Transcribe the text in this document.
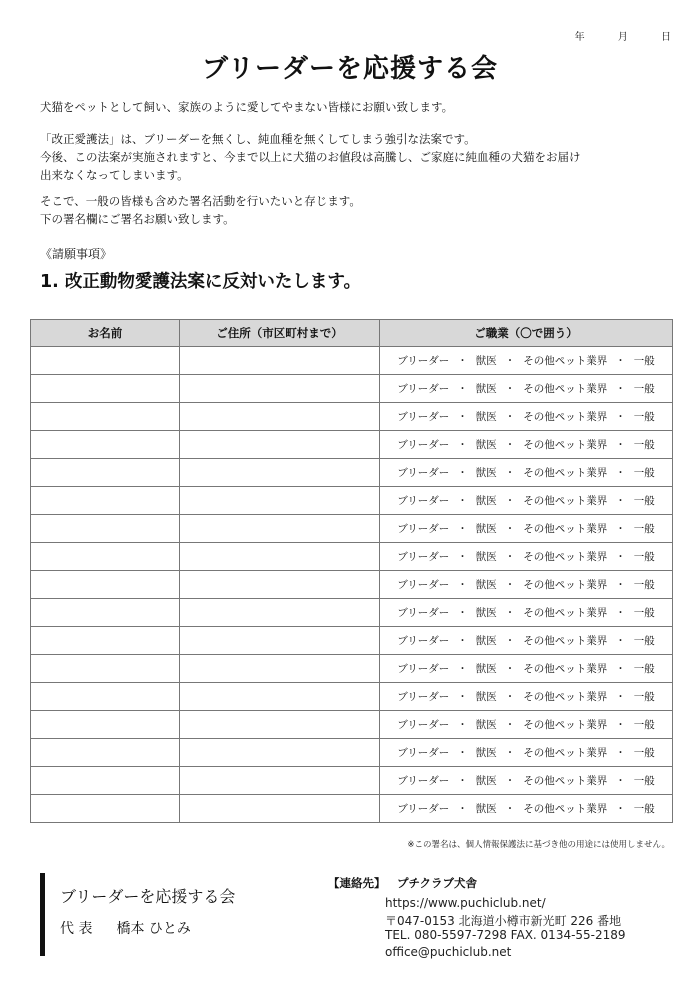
年	月	日
ブリーダーを応援する会
犬猫をペットとして飼い、家族のように愛してやまない皆様にお願い致します。
「改正愛護法」は、ブリーダーを無くし、純血種を無くしてしまう強引な法案です。
今後、この法案が実施されますと、今まで以上に犬猫のお値段は高騰し、ご家庭に純血種の犬猫をお届け
出来なくなってしまいます。
そこで、一般の皆様も含めた署名活動を行いたいと存じます。
下の署名欄にご署名お願い致します。
《請願事項》
1. 改正動物愛護法案に反対いたします。
お名前	ご住所（市区町村まで）	ご職業（〇で囲う）
		ブリーダー ・ 獣医 ・ その他ペット業界 ・ 一般
		ブリーダー ・ 獣医 ・ その他ペット業界 ・ 一般
		ブリーダー ・ 獣医 ・ その他ペット業界 ・ 一般
		ブリーダー ・ 獣医 ・ その他ペット業界 ・ 一般
		ブリーダー ・ 獣医 ・ その他ペット業界 ・ 一般
		ブリーダー ・ 獣医 ・ その他ペット業界 ・ 一般
		ブリーダー ・ 獣医 ・ その他ペット業界 ・ 一般
		ブリーダー ・ 獣医 ・ その他ペット業界 ・ 一般
		ブリーダー ・ 獣医 ・ その他ペット業界 ・ 一般
		ブリーダー ・ 獣医 ・ その他ペット業界 ・ 一般
		ブリーダー ・ 獣医 ・ その他ペット業界 ・ 一般
		ブリーダー ・ 獣医 ・ その他ペット業界 ・ 一般
		ブリーダー ・ 獣医 ・ その他ペット業界 ・ 一般
		ブリーダー ・ 獣医 ・ その他ペット業界 ・ 一般
		ブリーダー ・ 獣医 ・ その他ペット業界 ・ 一般
		ブリーダー ・ 獣医 ・ その他ペット業界 ・ 一般
		ブリーダー ・ 獣医 ・ その他ペット業界 ・ 一般
※この署名は、個人情報保護法に基づき他の用途には使用しません。
ブリーダーを応援する会
代 表 橋本 ひとみ
【連絡先】 プチクラブ犬舎
https://www.puchiclub.net/
〒047-0153 北海道小樽市新光町 226 番地
TEL. 080-5597-7298 FAX. 0134-55-2189
office@puchiclub.net
